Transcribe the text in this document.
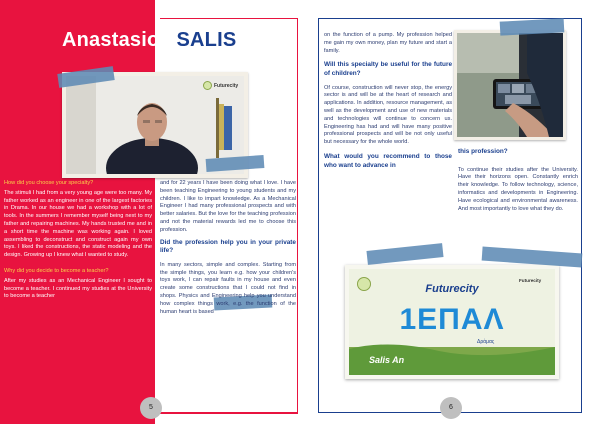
Anastasios SALIS
Futurecity
How did you choose your specialty?
The stimuli I had from a very young age were too many. My father worked as an engineer in one of the largest factories in Drama. In our house we had a workshop with a lot of tools. In the summers I remember myself being next to my father and repairing machines. My hands trusted me and in a short time the machine was working again. I loved assembling to deconstruct and construct again my own toys. I liked the constructions, the static modeling and the design. Growing up I knew what I wanted to study.
Why did you decide to become a teacher?
After my studies as an Mechanical Engineer I sought to become a teacher. I continued my studies at the University to become a teacher
and for 22 years I have been doing what I love. I have been teaching Engineering to young students and my children. I like to impart knowledge. As a Mechanical Engineer I had many professional prospects and with better salaries. But the love for the teaching profession and not the material rewards led me to choose this profession.
Did the profession help you in your private life?
In many sectors, simple and complex. Starting from the simple things, you learn e.g. how your children's toys work, I can repair faults in my house and even create some constructions that I could not find in shops. Physics and Engineering help you understand how complex things work, e.g. the function of the human heart is based
5
on the function of a pump. My profession helped me gain my own money, plan my future and start a family.
Will this specialty be useful for the future of children?
Of course, construction will never stop, the energy sector is and will be at the heart of research and applications. In addition, resource management, as well as the development and use of new materials and technologies will continue to concern us. Engineering has had and will have many positive professional prospects and will be not only useful but necessary for the whole world.
What would you recommend to those who want to advance in
this profession?
To continue their studies after the University. Have their horizons open. Constantly enrich their knowledge. To follow technology, science, informatics and developments in Engineering. Have ecological and environmental awareness. And most importantly to love what they do.
Futurecity
Futurecity
1ΕΠΑΛ
Δράμας
Salis An
6
